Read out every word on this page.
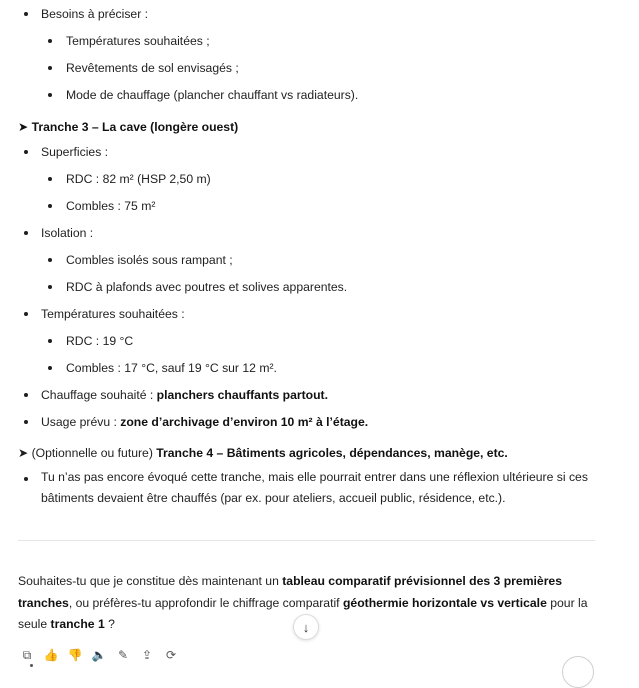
Besoins à préciser :
Températures souhaitées ;
Revêtements de sol envisagés ;
Mode de chauffage (plancher chauffant vs radiateurs).
➤ Tranche 3 – La cave (longère ouest)
Superficies :
RDC : 82 m² (HSP 2,50 m)
Combles : 75 m²
Isolation :
Combles isolés sous rampant ;
RDC à plafonds avec poutres et solives apparentes.
Températures souhaitées :
RDC : 19 °C
Combles : 17 °C, sauf 19 °C sur 12 m².
Chauffage souhaité : planchers chauffants partout.
Usage prévu : zone d’archivage d’environ 10 m² à l’étage.
➤ (Optionnelle ou future) Tranche 4 – Bâtiments agricoles, dépendances, manège, etc.
Tu n’as pas encore évoqué cette tranche, mais elle pourrait entrer dans une réflexion ultérieure si ces bâtiments devaient être chauffés (par ex. pour ateliers, accueil public, résidence, etc.).
Souhaites-tu que je constitue dès maintenant un tableau comparatif prévisionnel des 3 premières tranches, ou préfères-tu approfondir le chiffrage comparatif géothermie horizontale vs verticale pour la seule tranche 1 ?	↓
⧉	👍 👎 🔈 ✎	⇪	⟳
